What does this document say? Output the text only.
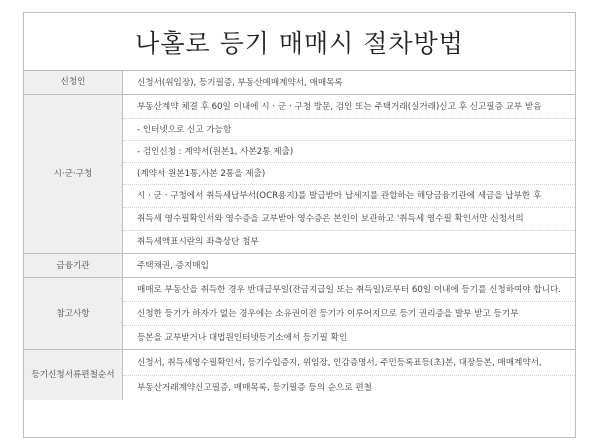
나홀로 등기 매매시 절차방법
신청인	신청서(위임장), 등기필증, 부동산매매계약서, 매매목록
시·군·구청	부동산계약 체결 후 60일 이내에 시ㆍ군ㆍ구청 방문, 검인 또는 주택거래(실거래)신고 후 신고필증 교부 받음
	- 인터넷으로 신고 가능함
	- 검인신청 : 계약서(원본1, 사본2통 제출)
	(계약서 원본1통,사본 2통을 제출)
	시ㆍ군ㆍ구청에서 취득세납부서(OCR용지)를 발급받아 납세지를 관할하는 해당금융기관에 세금을 납부한 후
	취득세 영수필확인서와 영수증을 교부받아 영수증은 본인이 보관하고 '취득세 영수필 확인서만 신청서의
	취득세액표시란의 좌측상단 첨부
금융기관	주택채권, 증지매입
참고사항	매매로 부동산을 취득한 경우 반대급부일(잔금지급일 또는 취득일)로부터 60일 이내에 등기를 신청하여야 합니다.
	신청한 등기가 하자가 없는 경우에는 소유권이전 등기가 이루어지므로 등기 권리증을 발부 받고 등기부
	등본을 교부받거나 대법원인터넷등기소에서 등기필 확인
등기신청서류편철순서	신청서, 취득세영수필확인서, 등기수입증지, 위임장, 인감증명서, 주민등록표등(초)본, 대장등본, 매매계약서,
	부동산거래계약신고필증, 매매목록, 등기필증 등의 순으로 편철
